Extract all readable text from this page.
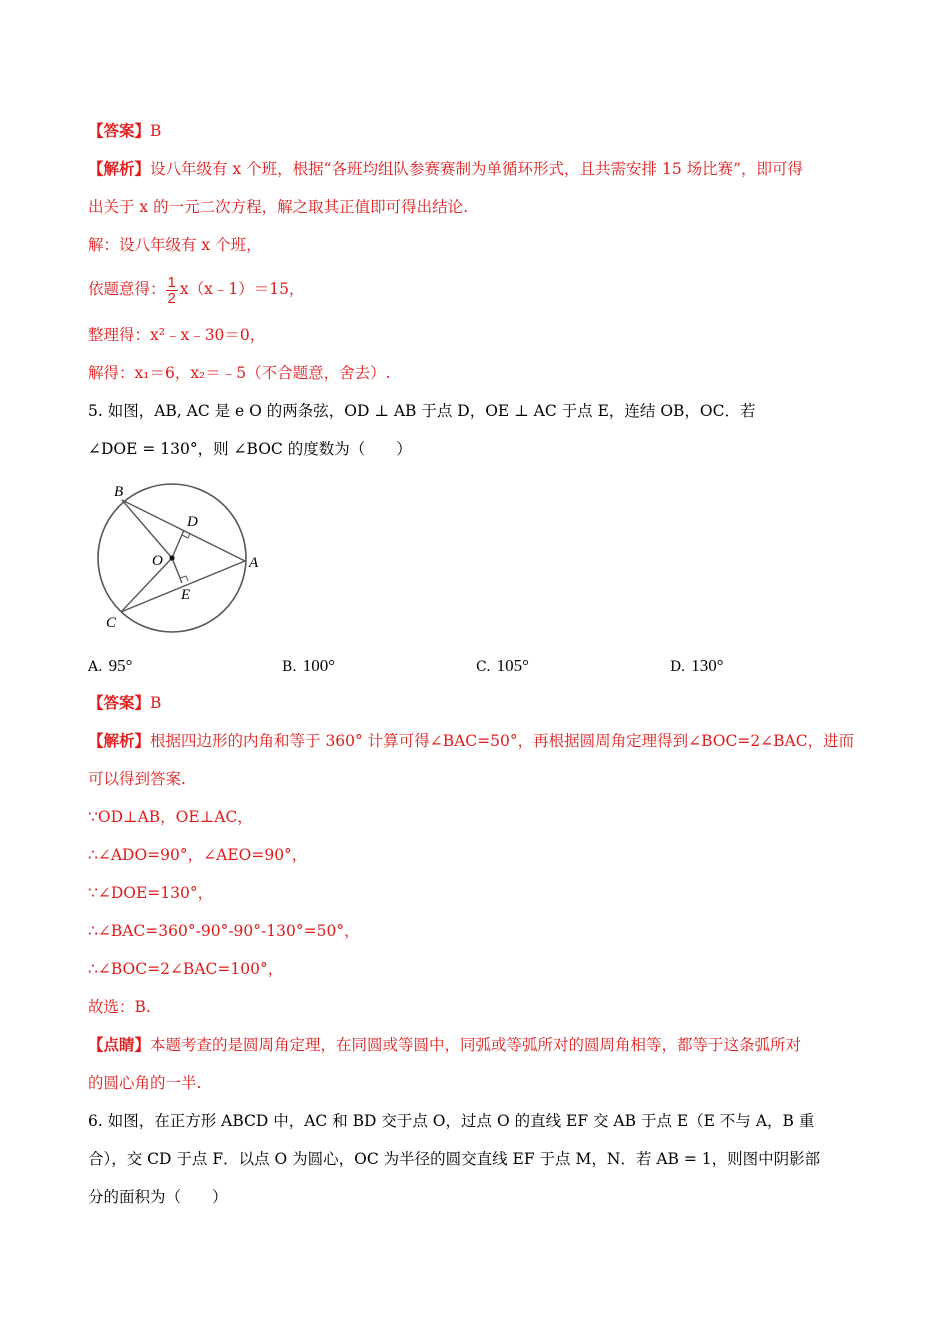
【答案】B
【解析】设八年级有 x 个班，根据“各班均组队参赛赛制为单循环形式，且共需安排 15 场比赛”，即可得
出关于 x 的一元二次方程，解之取其正值即可得出结论.
解：设八年级有 x 个班，
依题意得： $\frac{1}{2}$ x（x﹣1）＝15，
整理得：x²﹣x﹣30＝0，
解得：x₁＝6，x₂＝﹣5（不合题意，舍去）.
5. 如图，AB, AC 是 e O 的两条弦，OD ⊥ AB 于点 D，OE ⊥ AC 于点 E，连结 OB，OC．若
∠DOE = 130°，则 ∠BOC 的度数为（　　）
B
D
O	A
E
C
A. 95°	B. 100°	C. 105°	D. 130°
【答案】B
【解析】根据四边形的内角和等于 360° 计算可得∠BAC=50°，再根据圆周角定理得到∠BOC=2∠BAC，进而
可以得到答案.
∵OD⊥AB，OE⊥AC，
∴∠ADO=90°，∠AEO=90°，
∵∠DOE=130°，
∴∠BAC=360°-90°-90°-130°=50°，
∴∠BOC=2∠BAC=100°，
故选：B.
【点睛】本题考查的是圆周角定理，在同圆或等圆中，同弧或等弧所对的圆周角相等，都等于这条弧所对
的圆心角的一半.
6. 如图，在正方形 ABCD 中，AC 和 BD 交于点 O，过点 O 的直线 EF 交 AB 于点 E（E 不与 A，B 重
合），交 CD 于点 F．以点 O 为圆心，OC 为半径的圆交直线 EF 于点 M，N．若 AB = 1，则图中阴影部
分的面积为（　　）
